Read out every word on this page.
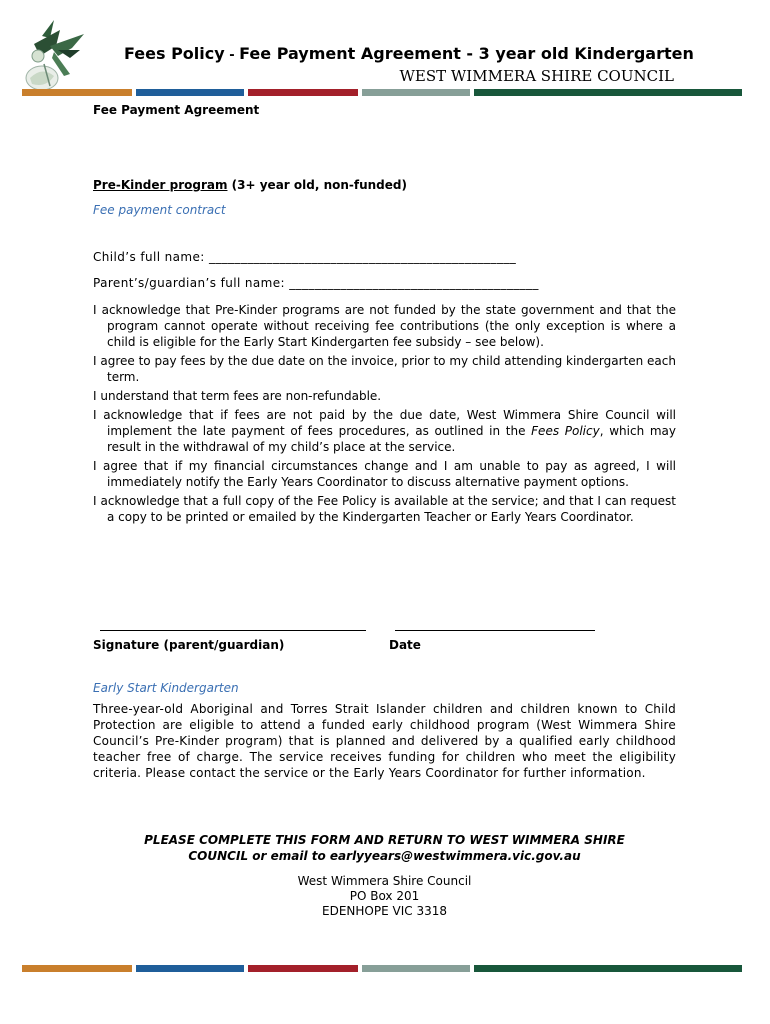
Fees Policy - Fee Payment Agreement - 3 year old Kindergarten
WEST WIMMERA SHIRE COUNCIL
Fee Payment Agreement
Pre-Kinder program (3+ year old, non-funded)
Fee payment contract
Child’s full name: ________________________________________________
Parent’s/guardian’s full name: _______________________________________

I acknowledge that Pre-Kinder programs are not funded by the state government and that the program cannot operate without receiving fee contributions (the only exception is where a child is eligible for the Early Start Kindergarten fee subsidy – see below).

I agree to pay fees by the due date on the invoice, prior to my child attending kindergarten each term.

I understand that term fees are non-refundable.

I acknowledge that if fees are not paid by the due date, West Wimmera Shire Council will implement the late payment of fees procedures, as outlined in the Fees Policy, which may result in the withdrawal of my child’s place at the service.

I agree that if my financial circumstances change and I am unable to pay as agreed, I will immediately notify the Early Years Coordinator to discuss alternative payment options.

I acknowledge that a full copy of the Fee Policy is available at the service; and that I can request a copy to be printed or emailed by the Kindergarten Teacher or Early Years Coordinator.

Signature (parent/guardian)	Date
Early Start Kindergarten
Three-year-old Aboriginal and Torres Strait Islander children and children known to Child Protection are eligible to attend a funded early childhood program (West Wimmera Shire Council’s Pre-Kinder program) that is planned and delivered by a qualified early childhood teacher free of charge. The service receives funding for children who meet the eligibility criteria. Please contact the service or the Early Years Coordinator for further information.
PLEASE COMPLETE THIS FORM AND RETURN TO WEST WIMMERA SHIRE
COUNCIL or email to earlyyears@westwimmera.vic.gov.au
West Wimmera Shire Council
PO Box 201
EDENHOPE VIC 3318
